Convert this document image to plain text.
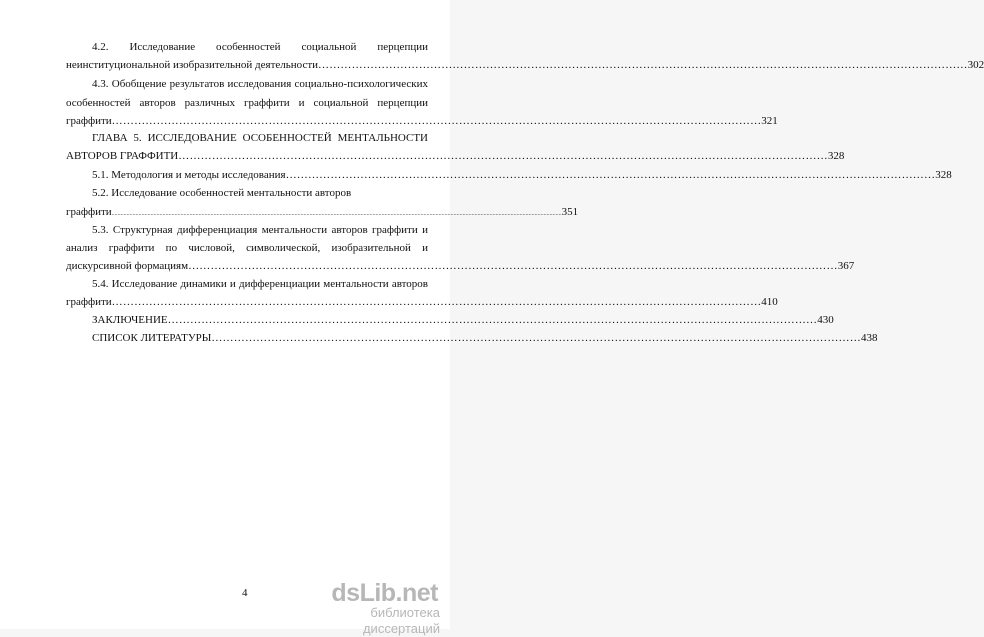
4.2. Исследование особенностей социальной перцепции
неинституциональной изобразительной деятельности ………………………………………………………………………………………………………………………………………………………… 302
4.3. Обобщение результатов исследования социально-психологических
особенностей авторов различных граффити и социальной перцепции
граффити ………………………………………………………………………………………………………………………………………………………… 321
ГЛАВА 5. ИССЛЕДОВАНИЕ ОСОБЕННОСТЕЙ МЕНТАЛЬНОСТИ
АВТОРОВ ГРАФФИТИ ………………………………………………………………………………………………………………………………………………………… 328
5.1. Методология и методы исследования ………………………………………………………………………………………………………………………………………………………… 328
5.2. Исследование особенностей ментальности авторов
граффити ............................................................................................................................................................................................................................................................................................................ 351
5.3. Структурная дифференциация ментальности авторов граффити и
анализ граффити по числовой, символической, изобразительной и
дискурсивной формациям ………………………………………………………………………………………………………………………………………………………… 367
5.4. Исследование динамики и дифференциации ментальности авторов
граффити ………………………………………………………………………………………………………………………………………………………… 410
ЗАКЛЮЧЕНИЕ ………………………………………………………………………………………………………………………………………………………… 430
СПИСОК ЛИТЕРАТУРЫ ………………………………………………………………………………………………………………………………………………………… 438
4	dsLib.net
библиотека диссертаций
